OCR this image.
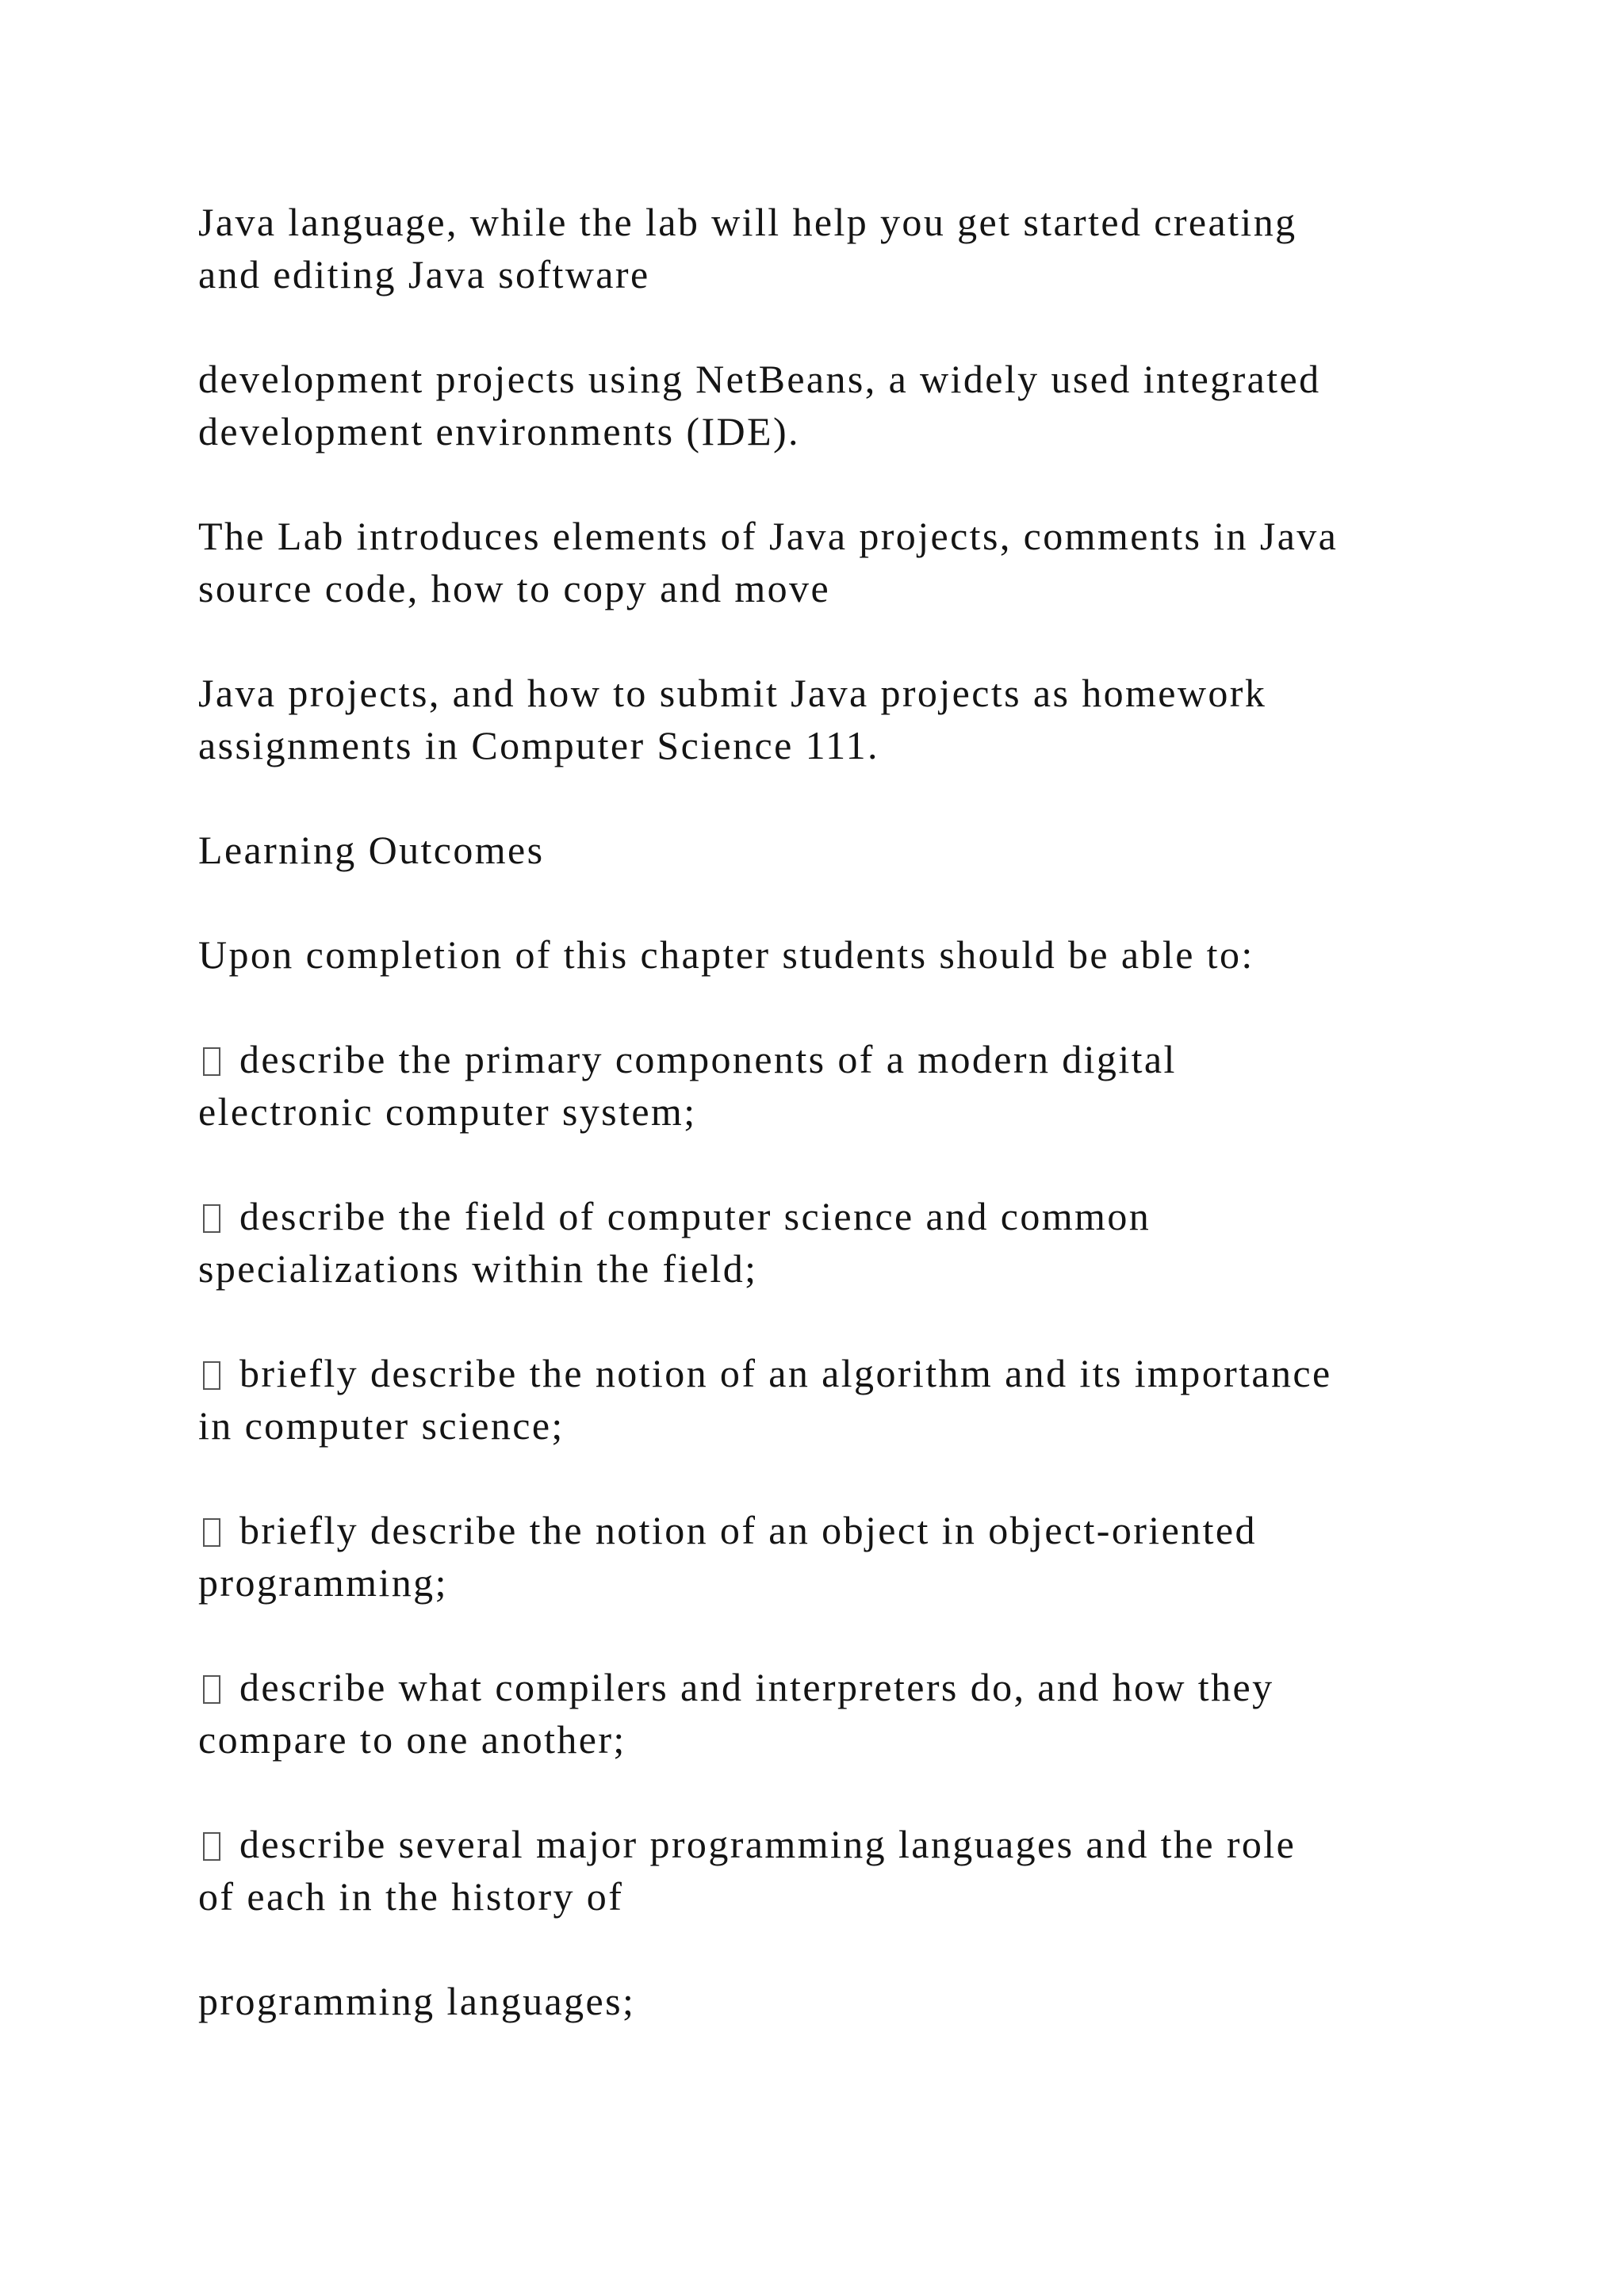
Java language, while the lab will help you get started creating
and editing Java software

development projects using NetBeans, a widely used integrated
development environments (IDE).

The Lab introduces elements of Java projects, comments in Java
source code, how to copy and move

Java projects, and how to submit Java projects as homework
assignments in Computer Science 111.

Learning Outcomes

Upon completion of this chapter students should be able to:

describe the primary components of a modern digital
electronic computer system;

describe the field of computer science and common
specializations within the field;

briefly describe the notion of an algorithm and its importance
in computer science;

briefly describe the notion of an object in object-oriented
programming;

describe what compilers and interpreters do, and how they
compare to one another;

describe several major programming languages and the role
of each in the history of

programming languages;
